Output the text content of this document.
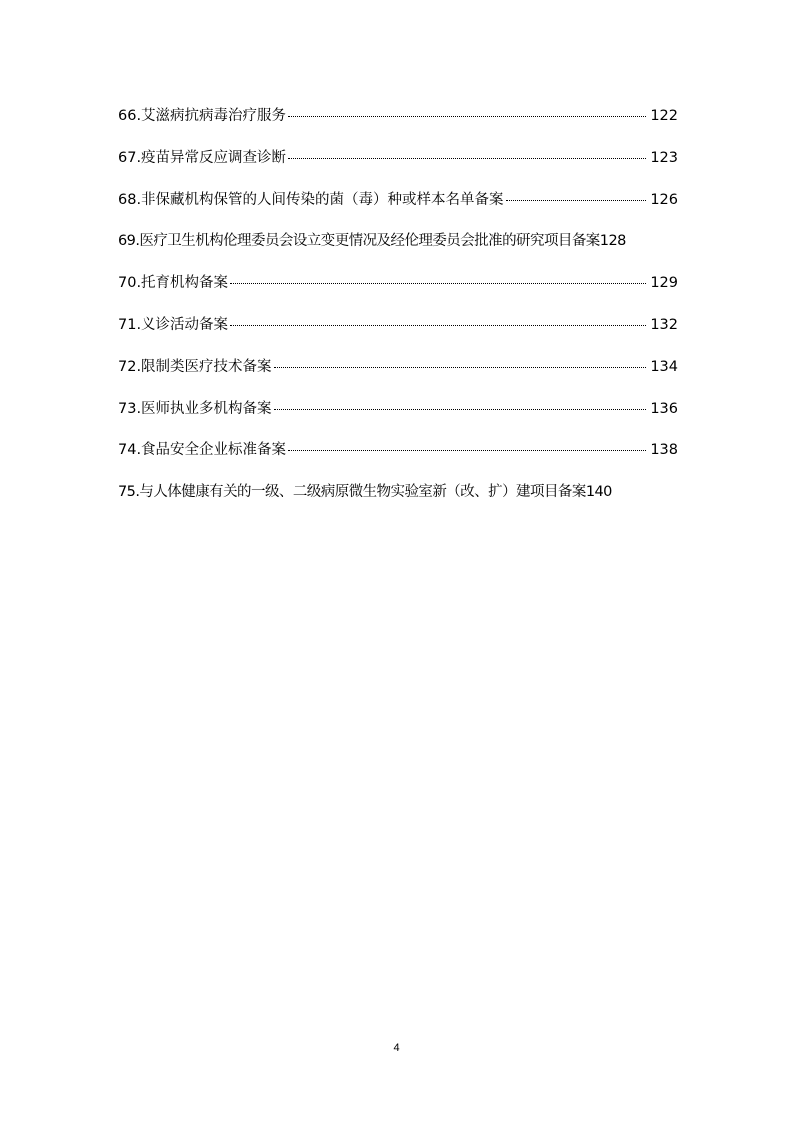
66.艾滋病抗病毒治疗服务	122
67.疫苗异常反应调查诊断	123
68.非保藏机构保管的人间传染的菌（毒）种或样本名单备案	126
69.医疗卫生机构伦理委员会设立变更情况及经伦理委员会批准的研究项目备案 128
70.托育机构备案	129
71.义诊活动备案	132
72.限制类医疗技术备案	134
73.医师执业多机构备案	136
74.食品安全企业标准备案	138
75.与人体健康有关的一级、二级病原微生物实验室新（改、扩）建项目备案 140
4
